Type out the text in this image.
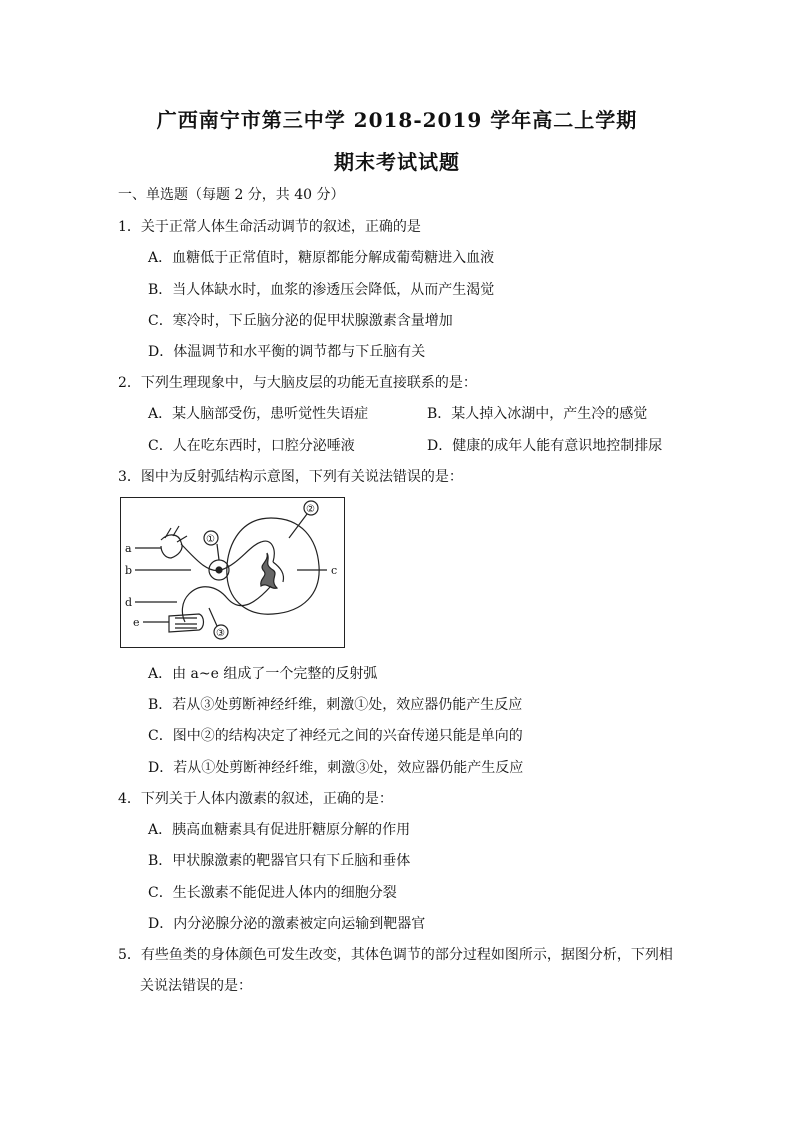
广西南宁市第三中学 2018-2019 学年高二上学期
期末考试试题
一、单选题（每题 2 分，共 40 分）
1．关于正常人体生命活动调节的叙述，正确的是
A．血糖低于正常值时，糖原都能分解成葡萄糖进入血液
B．当人体缺水时，血浆的渗透压会降低，从而产生渴觉
C．寒冷时，下丘脑分泌的促甲状腺激素含量增加
D．体温调节和水平衡的调节都与下丘脑有关
2．下列生理现象中，与大脑皮层的功能无直接联系的是：
A．某人脑部受伤，患听觉性失语症	B．某人掉入冰湖中，产生冷的感觉
C．人在吃东西时，口腔分泌唾液	D．健康的成年人能有意识地控制排尿
3．图中为反射弧结构示意图，下列有关说法错误的是：
a
b	c
d
e
①
②
③
A．由 a~e 组成了一个完整的反射弧
B．若从③处剪断神经纤维，刺激①处，效应器仍能产生反应
C．图中②的结构决定了神经元之间的兴奋传递只能是单向的
D．若从①处剪断神经纤维，刺激③处，效应器仍能产生反应
4．下列关于人体内激素的叙述，正确的是：
A．胰高血糖素具有促进肝糖原分解的作用
B．甲状腺激素的靶器官只有下丘脑和垂体
C．生长激素不能促进人体内的细胞分裂
D．内分泌腺分泌的激素被定向运输到靶器官
5．有些鱼类的身体颜色可发生改变，其体色调节的部分过程如图所示，据图分析，下列相
关说法错误的是：
